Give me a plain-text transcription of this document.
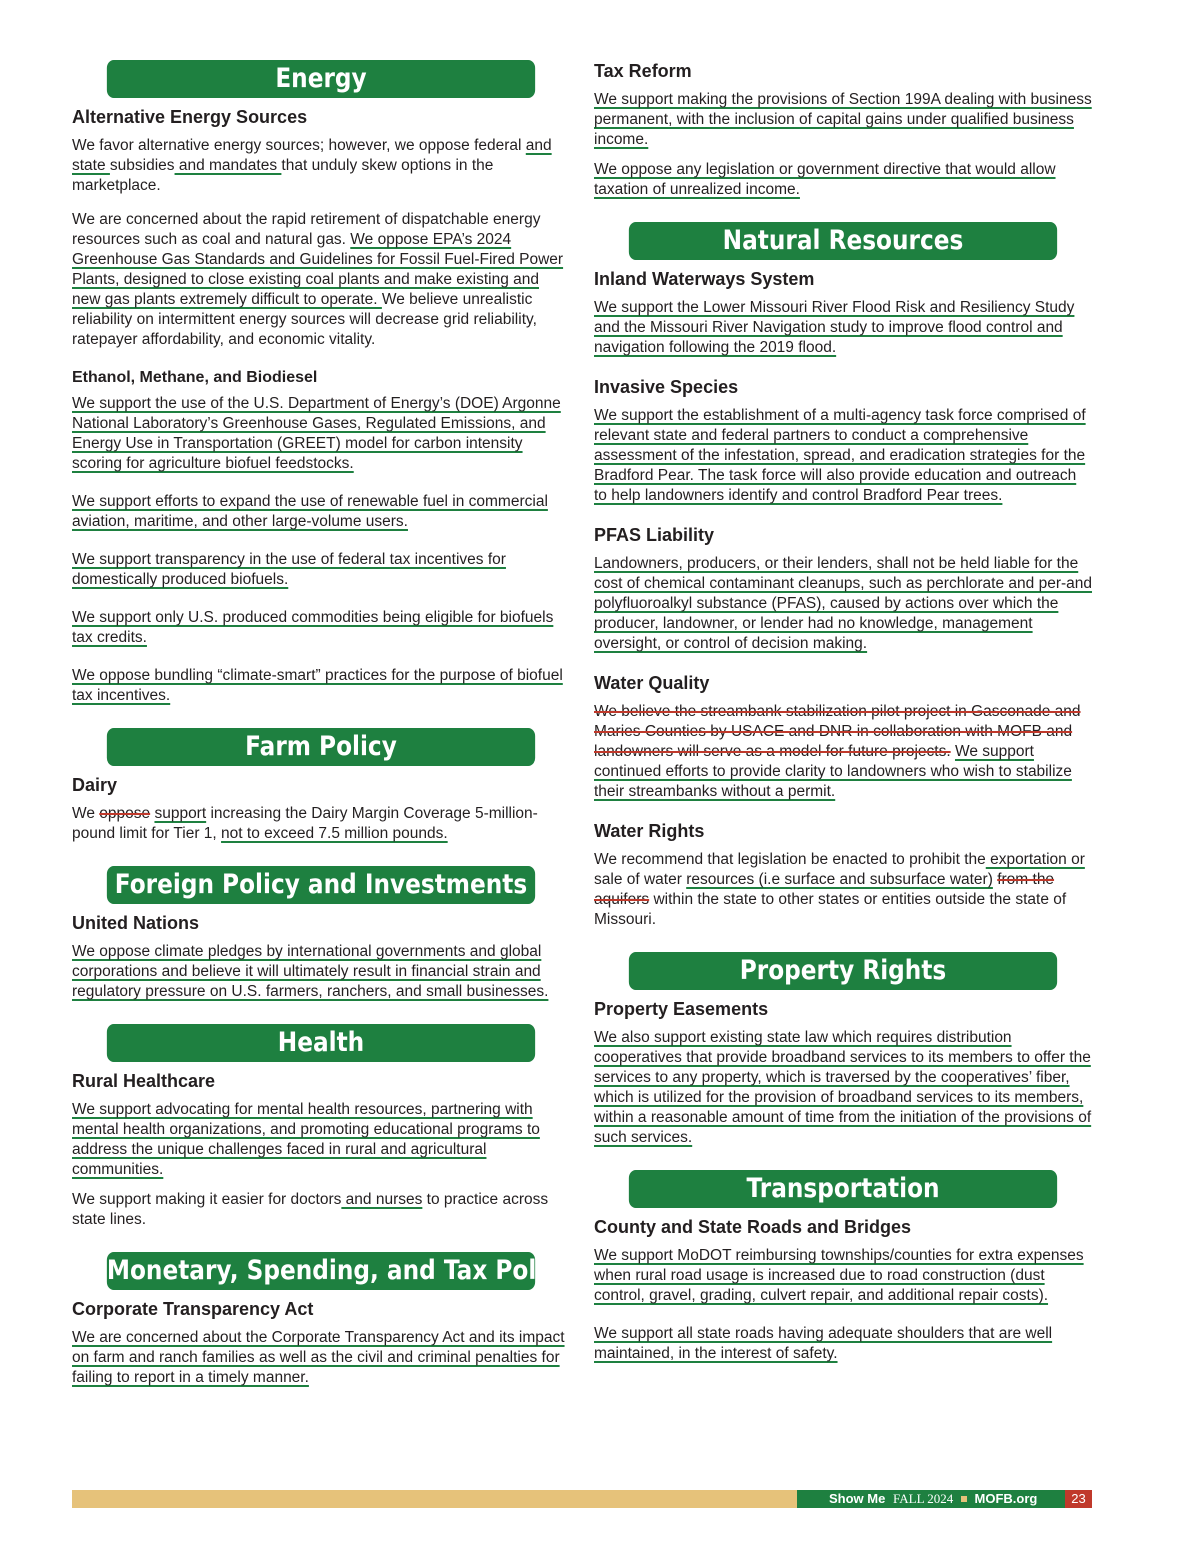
Energy
Alternative Energy Sources

We favor alternative energy sources; however, we oppose federal and state subsidies and mandates that unduly skew options in the marketplace.

We are concerned about the rapid retirement of dispatchable energy resources such as coal and natural gas. We oppose EPA’s 2024 Greenhouse Gas Standards and Guidelines for Fossil Fuel-Fired Power Plants, designed to close existing coal plants and make existing and new gas plants extremely difficult to operate. We believe unrealistic reliability on intermittent energy sources will decrease grid reliability, ratepayer affordability, and economic vitality.

Ethanol, Methane, and Biodiesel

We support the use of the U.S. Department of Energy’s (DOE) Argonne National Laboratory’s Greenhouse Gases, Regulated Emissions, and Energy Use in Transportation (GREET) model for carbon intensity scoring for agriculture biofuel feedstocks.

We support efforts to expand the use of renewable fuel in commercial aviation, maritime, and other large-volume users.

We support transparency in the use of federal tax incentives for domestically produced biofuels.

We support only U.S. produced commodities being eligible for biofuels tax credits.

We oppose bundling “climate-smart” practices for the purpose of biofuel tax incentives.

Farm Policy
Dairy

We oppose support increasing the Dairy Margin Coverage 5-million-pound limit for Tier 1, not to exceed 7.5 million pounds.

Foreign Policy and Investments
United Nations

We oppose climate pledges by international governments and global corporations and believe it will ultimately result in financial strain and regulatory pressure on U.S. farmers, ranchers, and small businesses.

Health
Rural Healthcare

We support advocating for mental health resources, partnering with mental health organizations, and promoting educational programs to address the unique challenges faced in rural and agricultural communities.

We support making it easier for doctors and nurses to practice across state lines.

Monetary, Spending, and Tax Policies
Corporate Transparency Act

We are concerned about the Corporate Transparency Act and its impact on farm and ranch families as well as the civil and criminal penalties for failing to report in a timely manner.

Tax Reform

We support making the provisions of Section 199A dealing with business permanent, with the inclusion of capital gains under qualified business income.

We oppose any legislation or government directive that would allow taxation of unrealized income.

Natural Resources
Inland Waterways System

We support the Lower Missouri River Flood Risk and Resiliency Study and the Missouri River Navigation study to improve flood control and navigation following the 2019 flood.

Invasive Species

We support the establishment of a multi-agency task force comprised of relevant state and federal partners to conduct a comprehensive assessment of the infestation, spread, and eradication strategies for the Bradford Pear. The task force will also provide education and outreach to help landowners identify and control Bradford Pear trees.

PFAS Liability

Landowners, producers, or their lenders, shall not be held liable for the cost of chemical contaminant cleanups, such as perchlorate and per-and polyfluoroalkyl substance (PFAS), caused by actions over which the producer, landowner, or lender had no knowledge, management oversight, or control of decision making.

Water Quality

We believe the streambank stabilization pilot project in Gasconade and Maries Counties by USACE and DNR in collaboration with MOFB and landowners will serve as a model for future projects. We support continued efforts to provide clarity to landowners who wish to stabilize their streambanks without a permit.

Water Rights

We recommend that legislation be enacted to prohibit the exportation or sale of water resources (i.e surface and subsurface water) from the aquifers within the state to other states or entities outside the state of Missouri.

Property Rights
Property Easements

We also support existing state law which requires distribution cooperatives that provide broadband services to its members to offer the services to any property, which is traversed by the cooperatives’ fiber, which is utilized for the provision of broadband services to its members, within a reasonable amount of time from the initiation of the provisions of such services.

Transportation
County and State Roads and Bridges

We support MoDOT reimbursing townships/counties for extra expenses when rural road usage is increased due to road construction (dust control, gravel, grading, culvert repair, and additional repair costs).

We support all state roads having adequate shoulders that are well maintained, in the interest of safety.

Show Me FALL 2024 MOFB.org	23
